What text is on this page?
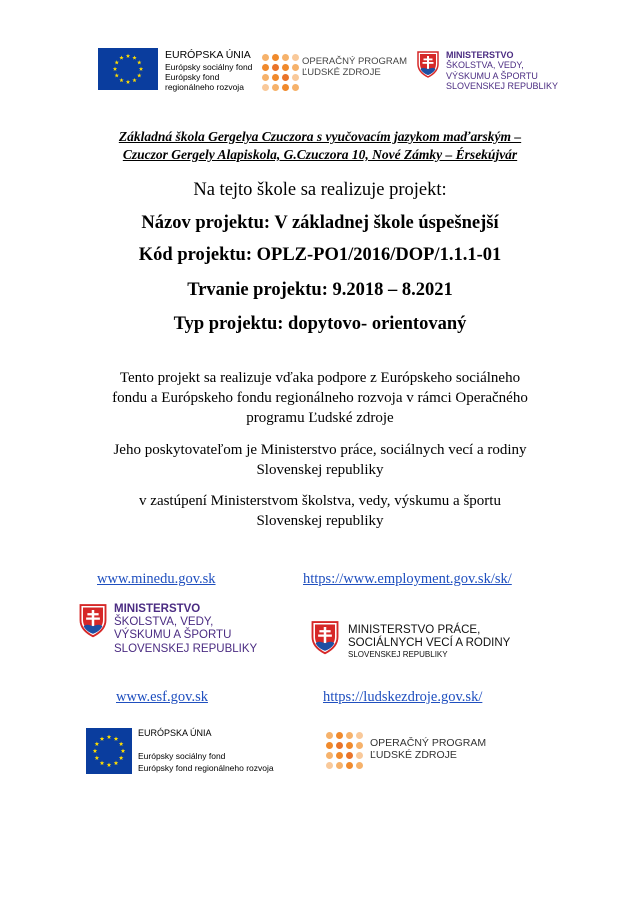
EURÓPSKA ÚNIA
Európsky sociálny fond
Európsky fond
regionálneho rozvoja
OPERAČNÝ PROGRAM
ĽUDSKÉ ZDROJE
MINISTERSTVO
ŠKOLSTVA, VEDY,
VÝSKUMU A ŠPORTU
SLOVENSKEJ REPUBLIKY
Základná škola Gergelya Czuczora s vyučovacím jazykom maďarským –
Czuczor Gergely Alapiskola, G.Czuczora 10, Nové Zámky – Érsekújvár
Na tejto škole sa realizuje projekt:
Názov projektu: V základnej škole úspešnejší
Kód projektu: OPLZ-PO1/2016/DOP/1.1.1-01
Trvanie projektu: 9.2018 – 8.2021
Typ projektu: dopytovo- orientovaný
Tento projekt sa realizuje vďaka podpore z Európskeho sociálneho
fondu a Európskeho fondu regionálneho rozvoja v rámci Operačného
programu Ľudské zdroje
Jeho poskytovateľom je Ministerstvo práce, sociálnych vecí a rodiny
Slovenskej republiky
v zastúpení Ministerstvom školstva, vedy, výskumu a športu
Slovenskej republiky
www.minedu.gov.sk	https://www.employment.gov.sk/sk/
MINISTERSTVO
ŠKOLSTVA, VEDY,
VÝSKUMU A ŠPORTU
SLOVENSKEJ REPUBLIKY
MINISTERSTVO PRÁCE,
SOCIÁLNYCH VECÍ A RODINY
SLOVENSKEJ REPUBLIKY
www.esf.gov.sk	https://ludskezdroje.gov.sk/
EURÓPSKA ÚNIA
Európsky sociálny fond
Európsky fond regionálneho rozvoja
OPERAČNÝ PROGRAM
ĽUDSKÉ ZDROJE
